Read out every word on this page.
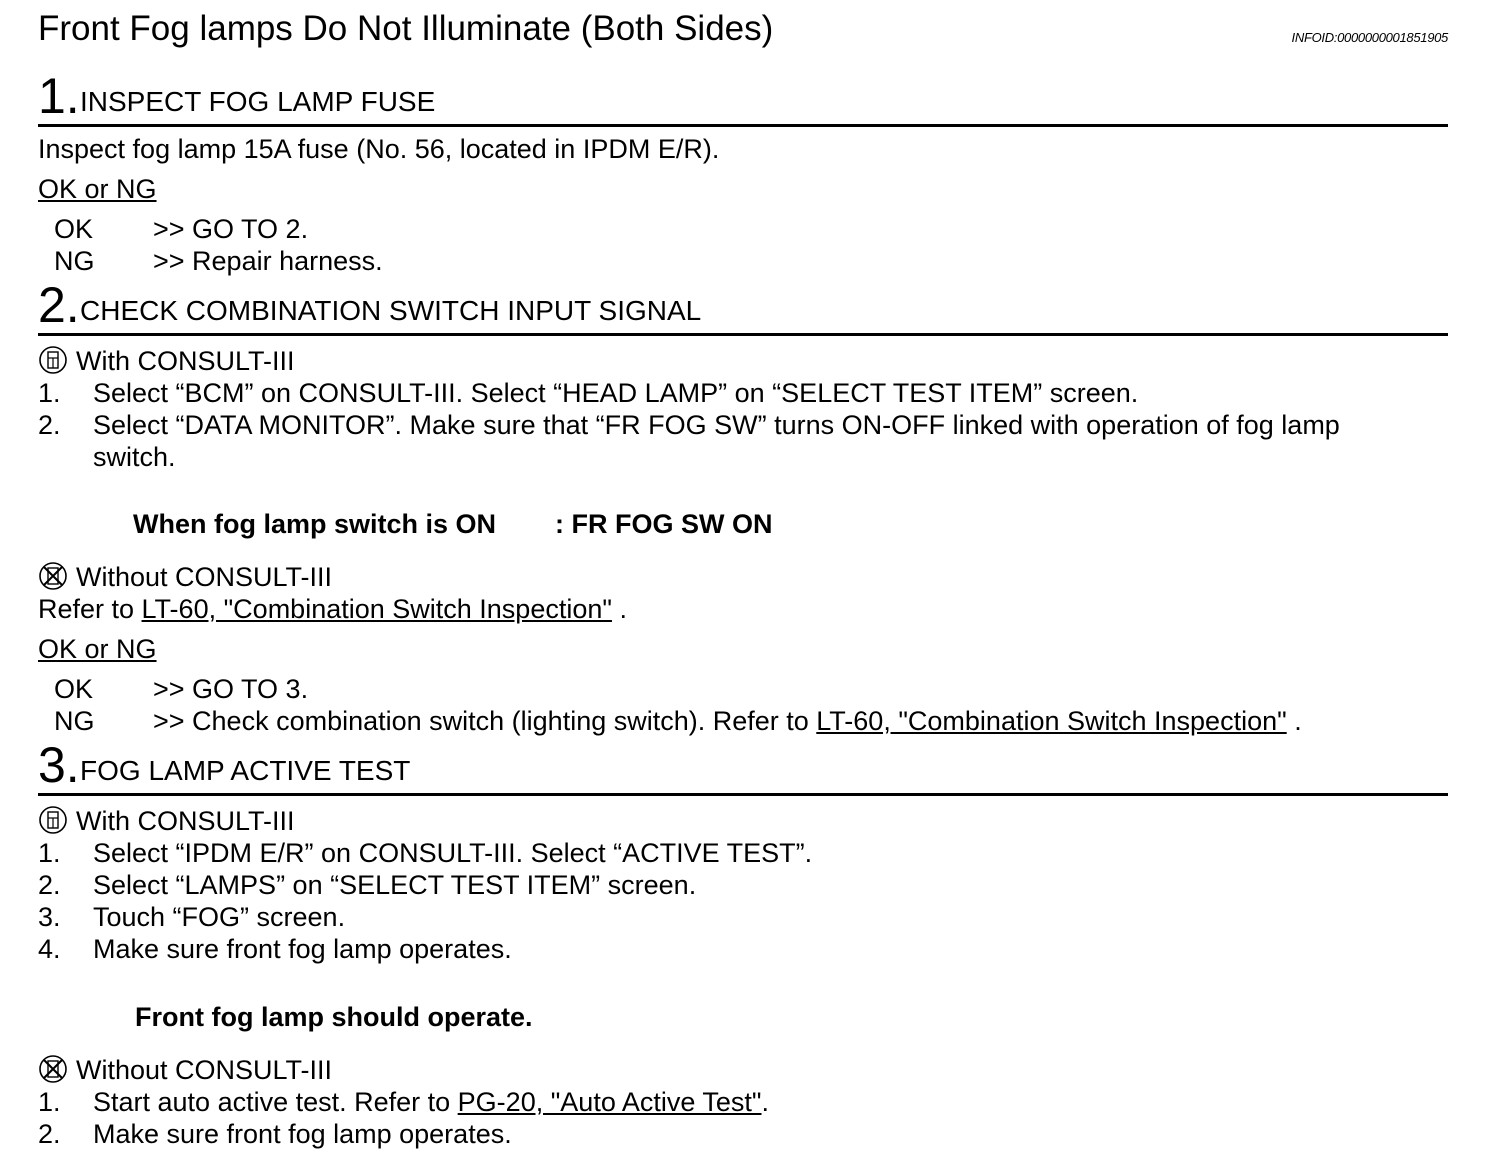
Front Fog lamps Do Not Illuminate (Both Sides)	INFOID:0000000001851905
1. INSPECT FOG LAMP FUSE
Inspect fog lamp 15A fuse (No. 56, located in IPDM E/R).
OK or NG
OK >> GO TO 2.
NG >> Repair harness.
2. CHECK COMBINATION SWITCH INPUT SIGNAL
With CONSULT-III
1. Select “BCM” on CONSULT-III. Select “HEAD LAMP” on “SELECT TEST ITEM” screen.
2. Select “DATA MONITOR”. Make sure that “FR FOG SW” turns ON-OFF linked with operation of fog lamp
switch.
When fog lamp switch is ON : FR FOG SW ON
Without CONSULT-III
Refer to LT-60, "Combination Switch Inspection" .
OK or NG
OK >> GO TO 3.
NG >> Check combination switch (lighting switch). Refer to LT-60, "Combination Switch Inspection" .
3. FOG LAMP ACTIVE TEST
With CONSULT-III
1. Select “IPDM E/R” on CONSULT-III. Select “ACTIVE TEST”.
2. Select “LAMPS” on “SELECT TEST ITEM” screen.
3. Touch “FOG” screen.
4. Make sure front fog lamp operates.
Front fog lamp should operate.
Without CONSULT-III
1. Start auto active test. Refer to PG-20, "Auto Active Test".
2. Make sure front fog lamp operates.
